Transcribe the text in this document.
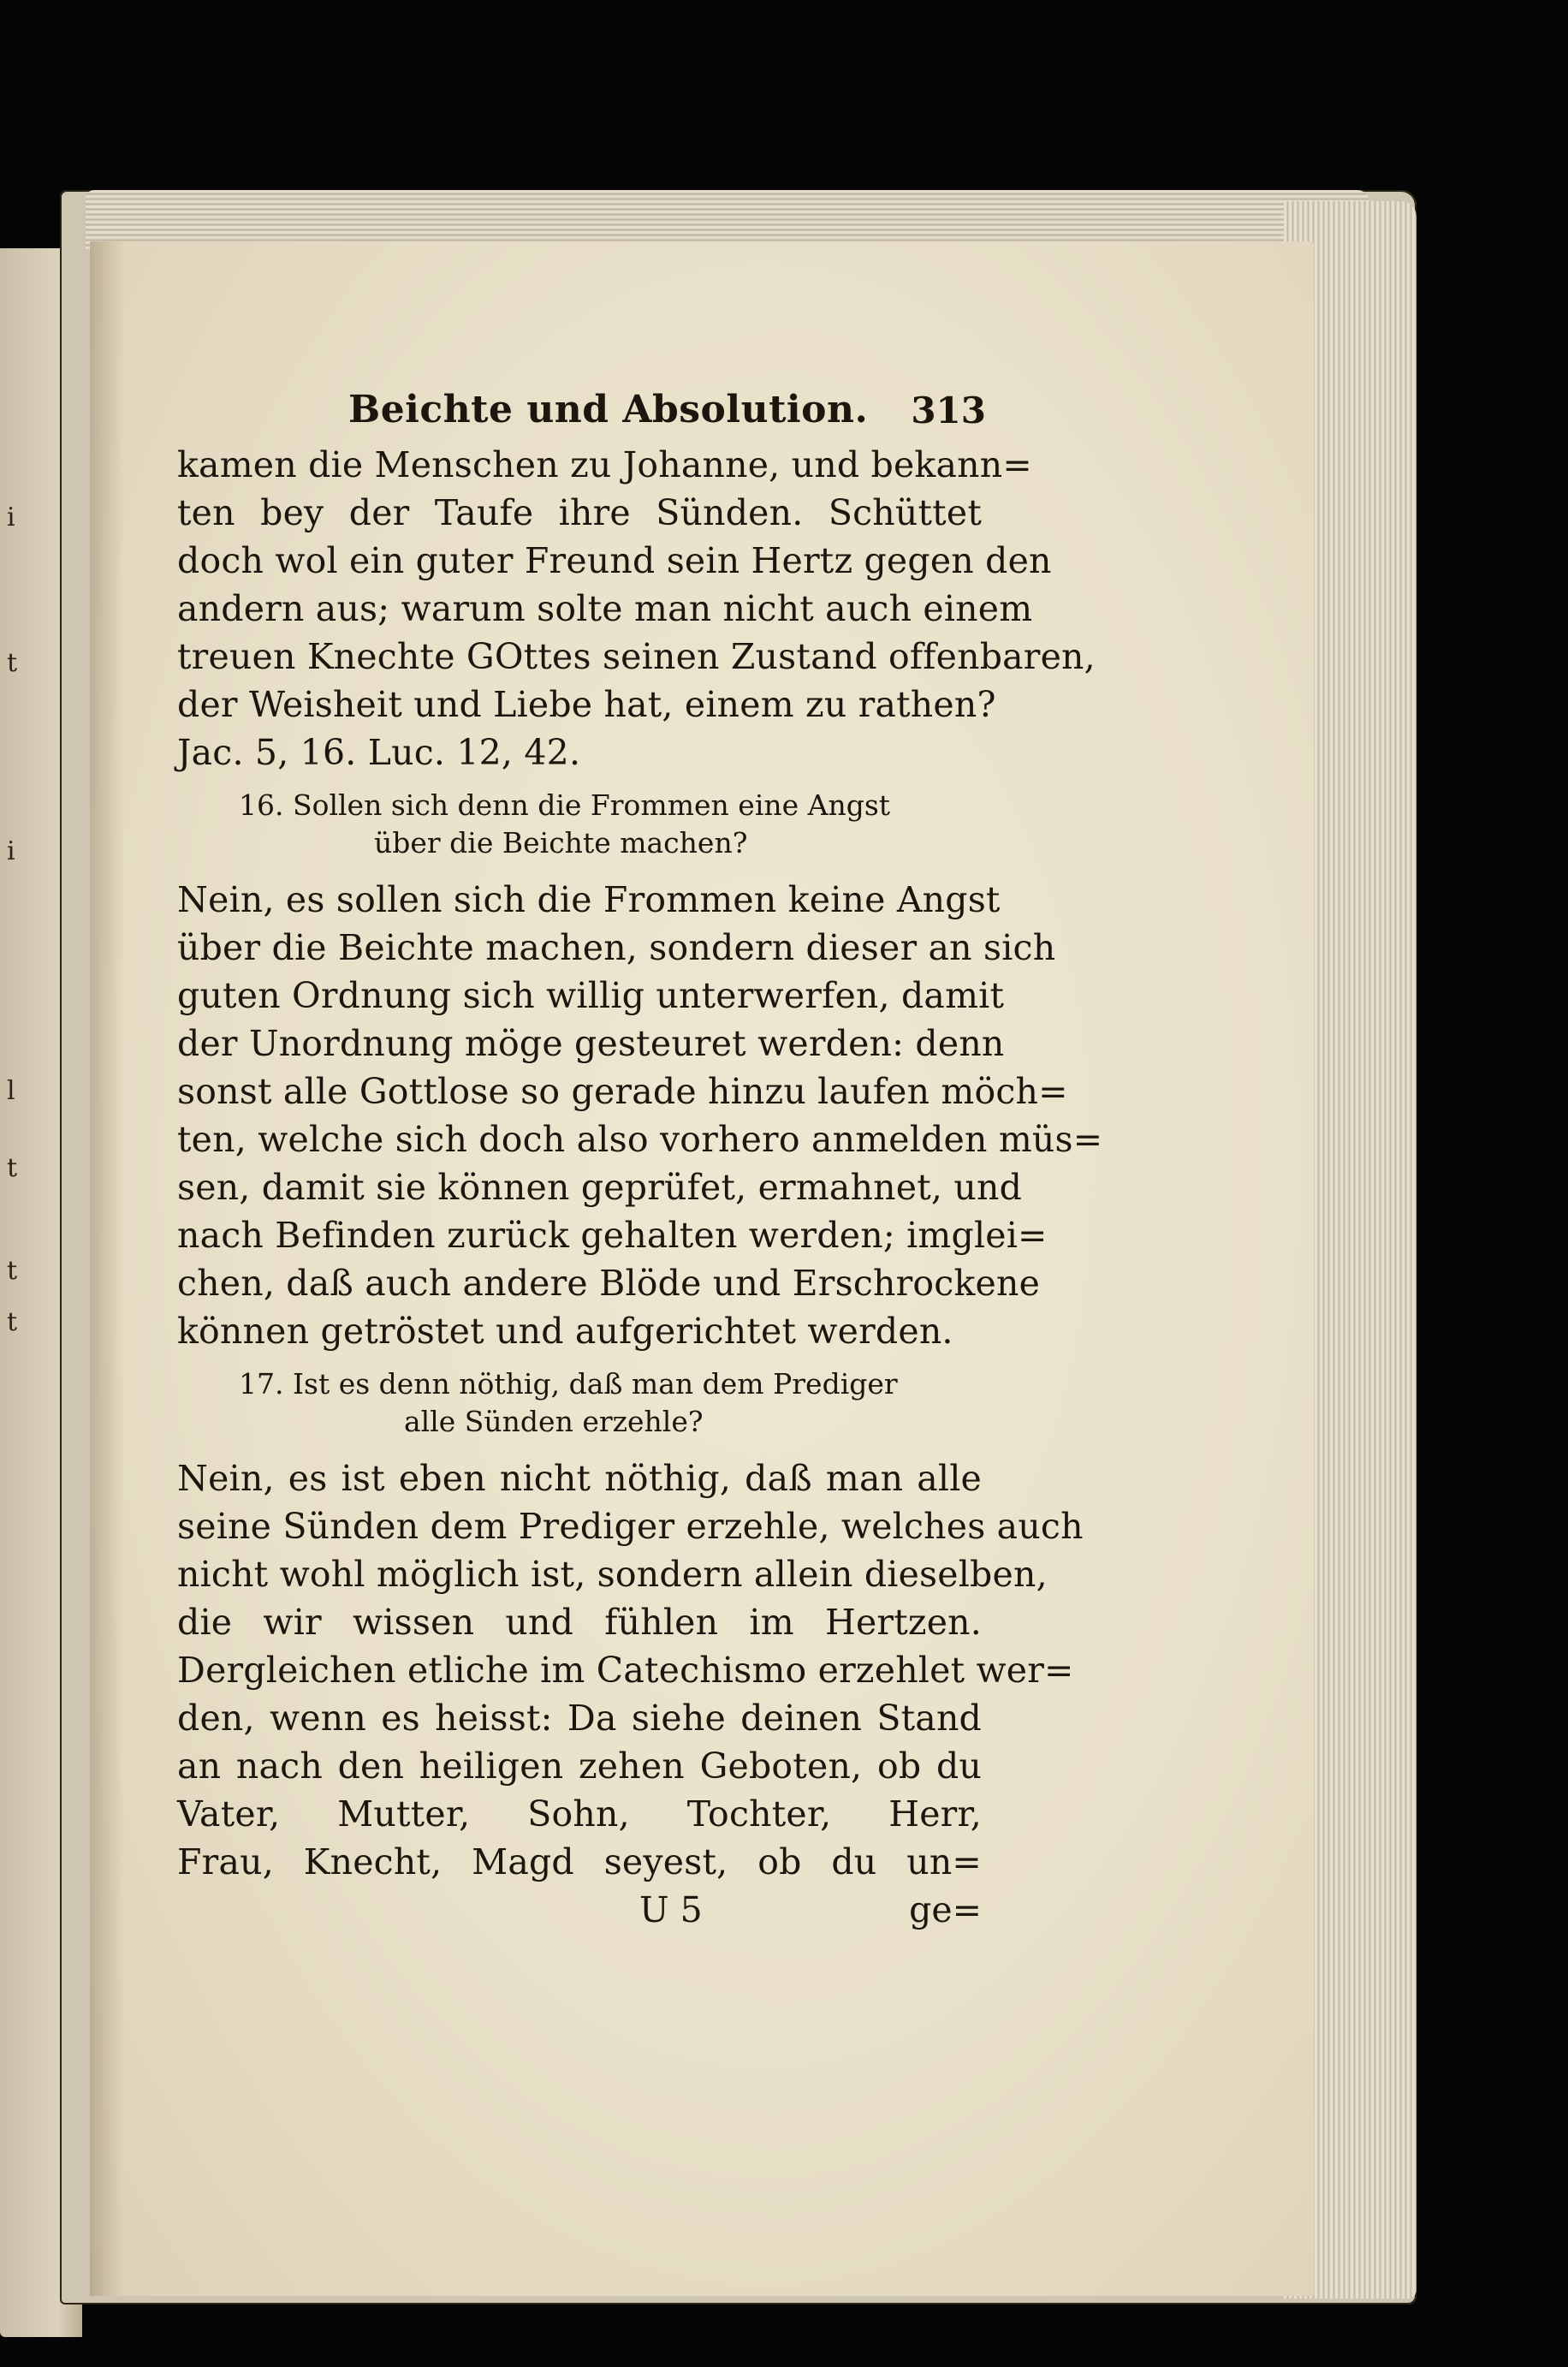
i
t
i
l
t
t
t
Beichte und Absolution. 313
kamen die Menschen zu Johanne, und bekann=
ten bey der Taufe ihre Sünden. Schüttet
doch wol ein guter Freund sein Hertz gegen den
andern aus; warum solte man nicht auch einem
treuen Knechte GOttes seinen Zustand offenbaren,
der Weisheit und Liebe hat, einem zu rathen?
Jac. 5, 16. Luc. 12, 42.
16. Sollen sich denn die Frommen eine Angst
über die Beichte machen?
Nein, es sollen sich die Frommen keine Angst
über die Beichte machen, sondern dieser an sich
guten Ordnung sich willig unterwerfen, damit
der Unordnung möge gesteuret werden: denn
sonst alle Gottlose so gerade hinzu laufen möch=
ten, welche sich doch also vorhero anmelden müs=
sen, damit sie können geprüfet, ermahnet, und
nach Befinden zurück gehalten werden; imglei=
chen, daß auch andere Blöde und Erschrockene
können getröstet und aufgerichtet werden.
17. Ist es denn nöthig, daß man dem Prediger
alle Sünden erzehle?
Nein, es ist eben nicht nöthig, daß man alle
seine Sünden dem Prediger erzehle, welches auch
nicht wohl möglich ist, sondern allein dieselben,
die wir wissen und fühlen im Hertzen.
Dergleichen etliche im Catechismo erzehlet wer=
den, wenn es heisst: Da siehe deinen Stand
an nach den heiligen zehen Geboten, ob du
Vater, Mutter, Sohn, Tochter, Herr,
Frau, Knecht, Magd seyest, ob du un=
U 5	ge=
